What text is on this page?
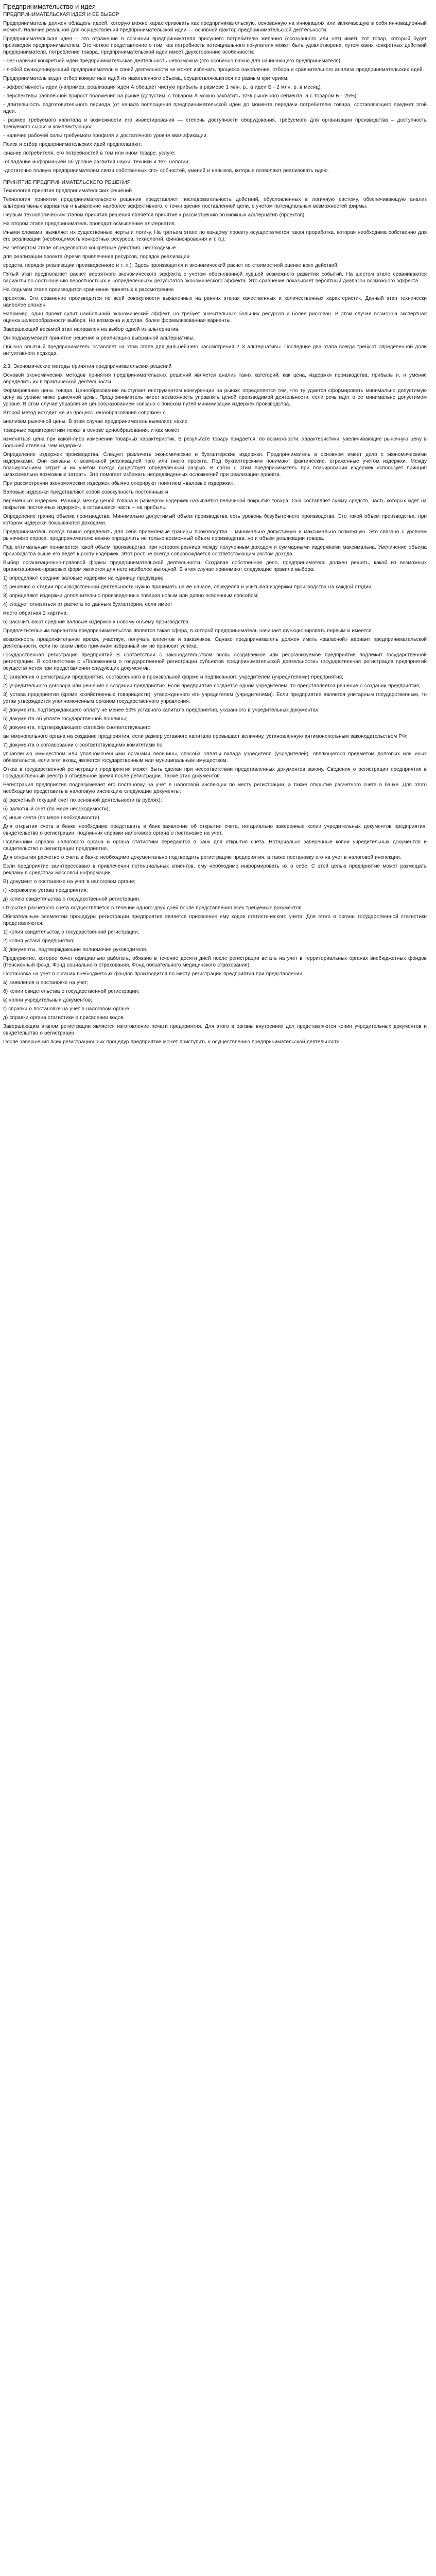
Предпринимательство и идея
ПРЕДПРИНИМАТЕЛЬСКАЯ ИДЕЯ И ЕЕ ВЫБОР

Предприниматель должен обладать идеей, которую можно характеризовать как предпринимательскую, основанную на инновациях или включающую в себя инновационный момент. Наличие реальной для осуществления предпринимательской идеи — основной фактор предпринимательской деятельности.

Предпринимательская идея – это отражение в сознании предпринимателя присущего потребителю желания (осознанного или нет) иметь тот товар, который будет производен предпринимателем. Это четкое представление о том, как потребность потенциального покупателя может быть удовлетворена, путем каких конкретных действий предпринимателя, потребление товара, предпринимательской идеи имеет двухсторонние особенности:

- без наличия конкретной идеи предпринимательская деятельность невозможна (это особенно важно для начинающего предпринимателя);

- любой функционирующий предприниматель в своей деятельности не может избежать процесса накопления, отбора и сравнительного анализа предпринимательских идей.

Предприниматель ведет отбор конкретных идей из накопленного объема, осуществляющегося по разным критериям:

- эффективность идеи (например, реализация идеи А обещает чистую прибыль в размере 1 млн. р., а идеи Б - 2 млн. р. в месяц);

- перспективы заявленной прирост положения на рынке (допустим, с товаром А можно захватить 10% рыночного сегмента, а с товаром Б - 25%);

- длительность подготовительного периода (от начала воплощения предпринимательской идеи до момента передачи потребителю товара, составляющего предмет этой идеи.

- размер требуемого капитала и возможности его инвестирования — степень доступности оборудования, требуемого для организации производства – доступность требуемого сырья и комплектующих;

- наличие рабочей силы требуемого профиля и достаточного уровня квалификации.

Поиск и отбор предпринимательских идей предполагают:

-знание потребителя, его потребностей в том или ином товаре, услуге;

-обладание информацией об уровне развития науки, техники и тех- нологии;

-достаточно полную предпринимателем связи собственных спо- собностей, умений и навыков, которые позволяют реализовать идею.

ПРИНЯТИЕ ПРЕДПРИНИМАТЕЛЬСКОГО РЕШЕНИЯ

Технология принятия предпринимательских решений

Технология принятия предпринимательского решения представляет последовательность действий, обусловленных в логичную систему, обеспечивающую анализ альтернативных вариантов и выявление наиболее эффективного, с точки зрения поставленной цели, с учетом потенциальных возможностей фирмы.

Первым технологическим этапом принятия решения является принятие к рассмотрению возможных альтернатив (проектов).

На втором этапе предприниматель проводит осмысление альтернатив.

Иными словами, выявляет их существенные черты и логику. На третьем этапе по каждому проекту осуществляется такая проработка, которая необходима собственно для его реализации (необходимость конкретных ресурсов, технологий, финансирования и т. п.).

На четвертом этапе определяются конкретные действия, необходимые

для реализации проекта (время привлечения ресурсов, порядок реализации

средств, порядок реализации произведенного и т. п.). Здесь производится и экономический расчет по стоимостной оценке всех действий.

Пятый этап предполагает расчет вероятного экономического эффекта с учетом обоснованной худшей возможного развития событий. На шестом этапе сравниваются варианты по соотношению вероятностных и «определенных» результатов экономического эффекта. Это сравнение показывает вероятный диапазон возможного эффекта.

На седьмом этапе производится сравнение принятых к рассмотрению

проектов. Это сравнение производится по всей совокупности выявленных на ранних этапах качественных и количественных характеристик. Данный этап технически наиболее сложен.

Например, один проект сулит наибольший экономический эффект, но требует значительных больших ресурсов и более рискован. В этом случае возможна экспертная оценка целесообразности выбора. Но возможна и другая, более формализованная варианты.

Завершающий восьмой этап направлен на выбор одной из альтернатив.

Он подразумевает принятие решения и реализацию выбранной альтернативы.

Обычно опытный предприниматель оставляет на этом этапе для дальнейшего рассмотрения 2–3 альтернативы. Последние два этапа всегда требуют определенной доли интуитивного подхода.

2.3. Экономические методы принятия предпринимательских решений

Основой экономических методов принятия предпринимательских решений является анализ таких категорий, как цена, издержки производства, прибыль и, и умение определить их в практической деятельности.

Формирование цены товара. Ценообразование выступает инструментом конкуренции на рынке: определяется тем, что ту удается сформировать минимально допустимую цену за уровне ниже рыночной цены. Предприниматель имеет возможность управлять ценой производимой деятельности, если речь идет о ее минимально допустимом уровне. В этом случае управление ценообразованием связано с поиском путей минимизации издержек производства.

Второй метод исходит же из процесс ценообразования сопряжен с

анализом рыночной цены. В этом случае предприниматель выявляет, какие

товарные характеристики лежат в основе ценообразования, и как может

изменяться цена при какой-либо изменении товарных характеристик. В результате товару придается, по возможности, характеристики, увеличивающие рыночную цену в большей степени, чем издержки.

Определение издержек производства. Следует различать экономические и бухгалтерские издержки. Предприниматель в основном имеет дело с экономическими издержками. Они связаны с возможной реализацией того или иного проекта. Под бухгалтерскими понимают фактические, отраженные учетом издержки. Между планированием затрат и их учетом всегда существует определенный разрыв. В связи с этим предприниматель при планировании издержек использует принцип «максимально возможных затрат». Это помогает избежать непредвиденных осложнений при реализации проекта.

При рассмотрении экономических издержек обычно оперируют понятием «валовые издержки».

Валовые издержки представляют собой совокупность постоянных и

переменных издержек. Разница между ценой товара и размером издержек называется величиной покрытия товара. Она составляет сумму средств, часть которых идет на покрытие постоянных издержек, а оставшаяся часть – на прибыль.

Определение границ объема производства. Минимально допустимый объем производства есть уровень безубыточного производства. Это такой объем производства, при котором издержки покрываются доходами.

Предприниматель всегда важно определить для себя приемлемые границы производства – минимально допустимую и максимально возможную. Это связано с уровнем рыночного спроса, предпринимателю важно определить не только возможный объем производства, но и объем реализации товара.

Под оптимальным понимается такой объем производства, при котором разница между полученным доходом и суммарными издержками максимальна. Увеличение объема производства выше его ведет к росту издержек. Этот рост не всегда сопровождается соответствующим ростом дохода.

Выбор организационно-правовой формы предпринимательской деятельности. Создавая собственное дело, предприниматель должен решить, какой из возможных организационно-правовых форм является для него наиболее выгодной. В этом случае принимают следующие правила выбора:

1) определяют средние валовые издержки на единицу продукции;

2) решения о стадии производственной деятельности нужно принимать на ее начале, определяя и учитывая издержки производства на каждой стадии;

3) определяют издержки дополнительно произведенных товаров новым или давно освоенным способом;

4) следует отказаться от расчета по данным бухгалтерии, если имеет

место обратная 2 картина;

5) рассчитывают средние валовые издержки к новому объему производства.

Предпочтительным вариантом предпринимательства является такая сфера, в которой предприниматель начинает функционировать первым и имеется

возможность продолжительное время, участвуя, получать клиентов и заказчиков. Однако предприниматель должен иметь «запасной» вариант предпринимательской деятельности, если по каким-либо причинам избранный им не приносит успеха.

Государственная регистрация предприятий В соответствии с законодательством вновь создаваемое или реорганизуемое предприятие подлежит государственной регистрации. В соответствии с «Положением о государственной регистрации субъектов предпринимательской деятельности» государственная регистрация предприятий осуществляется при представлении следующих документов:

1) заявления о регистрации предприятия, составленного в произвольной форме и подписанного учредителем (учредителями) предприятия;

2) учредительного договора или решения о создании предприятия. Если предприятие создается одним учредителем, то представляется решение о создании предприятия;

3) устава предприятия (кроме хозяйственных товариществ), утвержденного его учредителем (учредителями). Если предприятие является унитарным государственным, то устав утверждается уполномоченным органом государственного управления;

4) документа, подтверждающего оплату не менее 50% уставного капитала предприятия, указанного в учредительных документах;

5) документа об уплате государственной пошлины;

6) документа, подтверждающего согласие соответствующего

антимонопольного органа на создание предприятия, если размер уставного капитала превышает величину, установленную антимонопольным законодательством РФ;

7) документа о согласовании с соответствующими комитетами по

управлению имуществом или уполномоченными органами величины, способа оплаты вклада учредителя (учредителей), являющегося предметом долговых или иных обязательств, если этот вклад является государственным или муниципальным имуществом.

Отказ в государственной регистрации предприятия может быть сделан при несоответствии представленных документов закону. Сведения о регистрации предприятия в Государственный реестр в отведенное время после регистрации. Также этих документов.

Регистрация предприятия подразумевает его постановку на учет в налоговой инспекции по месту регистрации, а также открытие расчетного счета в банке. Для этого необходимо представить в налоговую инспекцию следующие документы:

а) расчетный текущий счет по основной деятельности (в рублях);

б) валютный счет (по мере необходимости);

в) иные счета (по мере необходимости).

Для открытия счета в банке необходимо представить в банк заявление об открытии счета, нотариально заверенные копии учредительных документов предприятия, свидетельство о регистрации, подлинник справки налогового органа о постановке на учет.

Подлинники справок налогового органа и органа статистики передаются в банк для открытия счета. Нотариально заверенные копии учредительных документов и свидетельство о регистрации предприятия.

Для открытия расчетного счета в банке необходимо документально подтвердить регистрацию предприятия, а также постановку его на учет в налоговой инспекции.

Если предприятие заинтересовано в привлечении потенциальных клиентов, ему необходимо информировать их о себе. С этой целью предприятие может размещать рекламу в средствах массовой информации.

В) документ о постановке на учет в налоговом органе;

г) ксерокопию устава предприятия;

д) копию свидетельства о государственной регистрации.

Открытие расчетного счета осуществляется в течение одного-двух дней после представления всех требуемых документов.

Обязательным элементом процедуры регистрации предприятия является присвоение ему кодов статистического учета. Для этого в органы государственной статистики представляются:

1) копия свидетельства о государственной регистрации;

2) копия устава предприятия;

3) документы, подтверждающие полномочия руководителя.

Предприятие, которое хочет официально работать, обязано в течение десяти дней после регистрации встать на учет в территориальных органах внебюджетных фондов (Пенсионный фонд, Фонд социального страхования, Фонд обязательного медицинского страхования).

Постановка на учет в органах внебюджетных фондов производится по месту регистрации предприятия при представлении:

а) заявления о постановке на учет;

б) копии свидетельства о государственной регистрации;

в) копии учредительных документов;

г) справки о постановке на учет в налоговом органе;

д) справки органа статистики о присвоении кодов.

Завершающим этапом регистрации является изготовление печати предприятия. Для этого в органы внутренних дел представляются копии учредительных документов и свидетельство о регистрации.

После завершения всех регистрационных процедур предприятие может приступить к осуществлению предпринимательской деятельности.
